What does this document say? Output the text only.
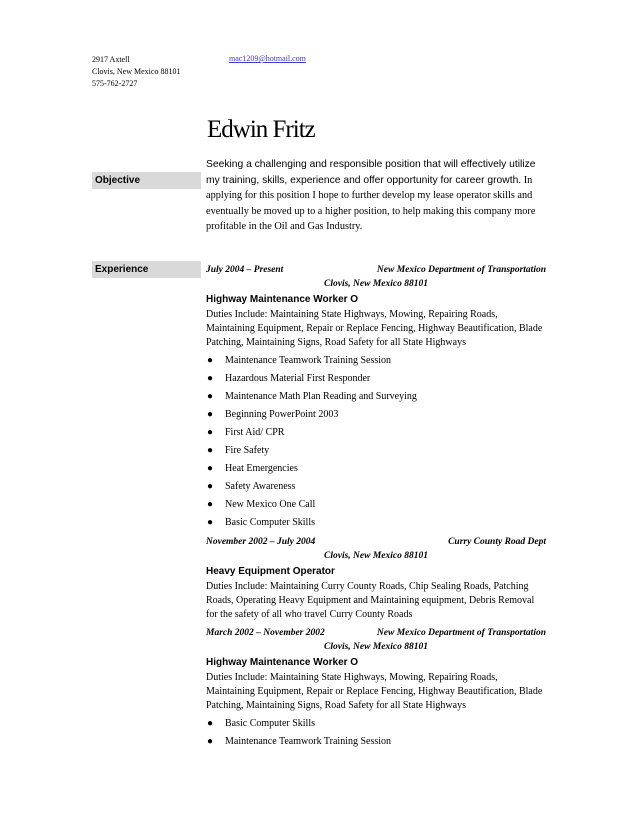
2917 Axtell
Clovis, New Mexico 88101
575-762-2727
mac1209@hotmail.com
Edwin Fritz
Objective
Seeking a challenging and responsible position that will effectively utilize my training, skills, experience and offer opportunity for career growth. In applying for this position I hope to further develop my lease operator skills and eventually be moved up to a higher position, to help making this company more profitable in the Oil and Gas Industry.
Experience	July 2004 – Present	New Mexico Department of Transportation
Clovis, New Mexico 88101
Highway Maintenance Worker O
Duties Include: Maintaining State Highways, Mowing, Repairing Roads, Maintaining Equipment, Repair or Replace Fencing, Highway Beautification, Blade Patching, Maintaining Signs, Road Safety for all State Highways
● Maintenance Teamwork Training Session
● Hazardous Material First Responder
● Maintenance Math Plan Reading and Surveying
● Beginning PowerPoint 2003
● First Aid/ CPR
● Fire Safety
● Heat Emergencies
● Safety Awareness
● New Mexico One Call
● Basic Computer Skills
November 2002 – July 2004	Curry County Road Dept
Clovis, New Mexico 88101
Heavy Equipment Operator
Duties Include: Maintaining Curry County Roads, Chip Sealing Roads, Patching Roads, Operating Heavy Equipment and Maintaining equipment, Debris Removal for the safety of all who travel Curry County Roads
March 2002 – November 2002	New Mexico Department of Transportation
Clovis, New Mexico 88101
Highway Maintenance Worker O
Duties Include: Maintaining State Highways, Mowing, Repairing Roads, Maintaining Equipment, Repair or Replace Fencing, Highway Beautification, Blade Patching, Maintaining Signs, Road Safety for all State Highways
● Basic Computer Skills
● Maintenance Teamwork Training Session
